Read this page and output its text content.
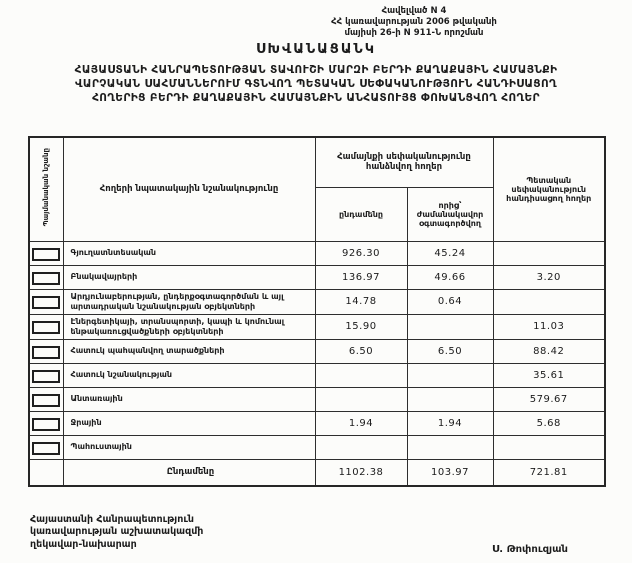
Հավելված N 4
ՀՀ կառավարության 2006 թվականի
մայիսի 26-ի N 911-Ն որոշման
ՍԽՎԱՆԱՑԱՆԿ
ՀԱՅԱՍՏԱՆԻ ՀԱՆՐԱՊԵՏՈՒԹՅԱՆ ՏԱՎՈՒՇԻ ՄԱՐԶԻ ԲԵՐԴԻ ՔԱՂԱՔԱՅԻՆ ՀԱՄԱՅՆՔԻ
ՎԱՐՉԱԿԱՆ ՍԱՀՄԱՆՆԵՐՈՒՄ ԳՏՆՎՈՂ ՊԵՏԱԿԱՆ ՍԵՓԱԿԱՆՈՒԹՅՈՒՆ ՀԱՆԴԻՍԱՑՈՂ
ՀՈՂԵՐԻՑ ԲԵՐԴԻ ՔԱՂԱՔԱՅԻՆ ՀԱՄԱՅՆՔԻՆ ԱՆՀԱՏՈՒՅՑ ՓՈԽԱՆՑՎՈՂ ՀՈՂԵՐ
Պայմանական նշանը	Հողերի նպատակային նշանակությունը	Համայնքի սեփականությունը հանձնվող հողեր		Պետական սեփականություն հանդիսացող հողեր
		ընդամենը	որից՝ ժամանակավոր օգտագործվող	
	Գյուղատնտեսական	926.30	45.24	
	Բնակավայրերի	136.97	49.66	3.20
	Արդյունաբերության, ընդերքօգտագործման և այլ արտադրական նշանակության օբյեկտների	14.78	0.64	
	Էներգետիկայի, տրանսպորտի, կապի և կոմունալ ենթակառուցվածքների օբյեկտների	15.90		11.03
	Հատուկ պահպանվող տարածքների	6.50	6.50	88.42
	Հատուկ նշանակության			35.61
	Անտառային			579.67
	Ջրային	1.94	1.94	5.68
	Պահուստային			
	Ընդամենը	1102.38	103.97	721.81
Հայաստանի Հանրապետություն
կառավարության աշխատակազմի
ղեկավար-նախարար	Ս. Թոփուզյան
